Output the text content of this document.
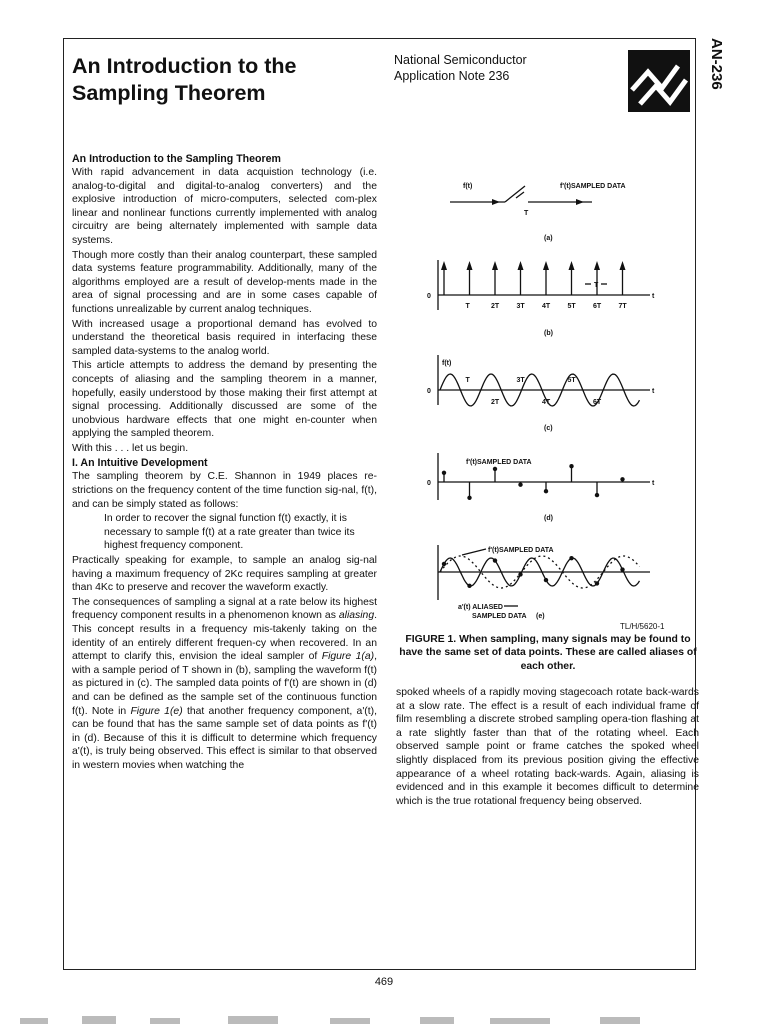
An Introduction to the
Sampling Theorem
National Semiconductor
Application Note 236	AN-236
An Introduction to the Sampling Theorem

With rapid advancement in data acquistion technology (i.e. analog-to-digital and digital-to-analog converters) and the explosive introduction of micro-computers, selected com-plex linear and nonlinear functions currently implemented with analog circuitry are being alternately implemented with sample data systems.

Though more costly than their analog counterpart, these sampled data systems feature programmability. Additionally, many of the algorithms employed are a result of develop-ments made in the area of signal processing and are in some cases capable of functions unrealizable by current analog techniques.

With increased usage a proportional demand has evolved to understand the theoretical basis required in interfacing these sampled data-systems to the analog world.

This article attempts to address the demand by presenting the concepts of aliasing and the sampling theorem in a manner, hopefully, easily understood by those making their first attempt at signal processing. Additionally discussed are some of the unobvious hardware effects that one might en-counter when applying the sampled theorem.

With this . . . let us begin.

I. An Intuitive Development

The sampling theorem by C.E. Shannon in 1949 places re-strictions on the frequency content of the time function sig-nal, f(t), and can be simply stated as follows:

In order to recover the signal function f(t) exactly, it is necessary to sample f(t) at a rate greater than twice its highest frequency component.

Practically speaking for example, to sample an analog sig-nal having a maximum frequency of 2Kc requires sampling at greater than 4Kc to preserve and recover the waveform exactly.

The consequences of sampling a signal at a rate below its highest frequency component results in a phenomenon known as aliasing. This concept results in a frequency mis-takenly taking on the identity of an entirely different frequen-cy when recovered. In an attempt to clarify this, envision the ideal sampler of Figure 1(a), with a sample period of T shown in (b), sampling the waveform f(t) as pictured in (c). The sampled data points of f'(t) are shown in (d) and can be defined as the sample set of the continuous function f(t). Note in Figure 1(e) that another frequency component, a'(t), can be found that has the same sample set of data points as f'(t) in (d). Because of this it is difficult to determine which frequency a'(t), is truly being observed. This effect is similar to that observed in western movies when watching the

f(t)	f'(t)SAMPLED DATA
T
(a)
0	t
T	2T 3T 4T 5T 6T 7T
T
(b)
f(t)
0	t
T
2T
3T
4T
5T
6T
(c)
f'(t)SAMPLED DATA
0	t
(d)
f'(t)SAMPLED DATA
a'(t) ALIASED
SAMPLED DATA (e)
TL/H/5620-1

FIGURE 1. When sampling, many signals may be found to have the same set of data points. These are called aliases of each other.

spoked wheels of a rapidly moving stagecoach rotate back-wards at a slow rate. The effect is a result of each individual frame of film resembling a discrete strobed sampling opera-tion flashing at a rate slightly faster than that of the rotating wheel. Each observed sample point or frame catches the spoked wheel slightly displaced from its previous position giving the effective appearance of a wheel rotating back-wards. Again, aliasing is evidenced and in this example it becomes difficult to determine which is the true rotational frequency being observed.

469
